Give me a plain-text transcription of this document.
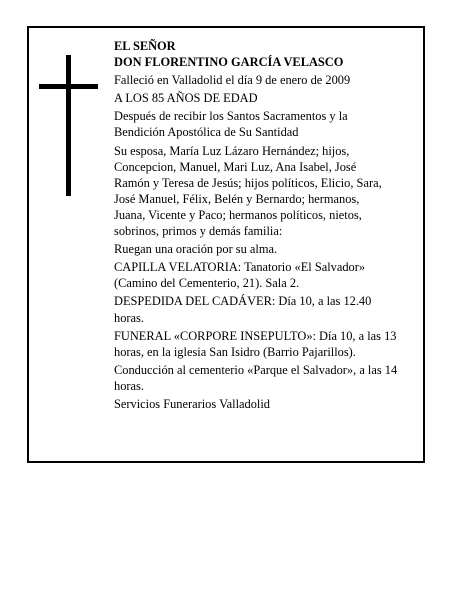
EL SEÑOR
DON FLORENTINO GARCÍA VELASCO
Falleció en Valladolid el día 9 de enero de 2009
A LOS 85 AÑOS DE EDAD
Después de recibir los Santos Sacramentos y la
Bendición Apostólica de Su Santidad
Su esposa, María Luz Lázaro Hernández; hijos,
Concepcion, Manuel, Mari Luz, Ana Isabel, José
Ramón y Teresa de Jesús; hijos políticos, Elicio, Sara,
José Manuel, Félix, Belén y Bernardo; hermanos,
Juana, Vicente y Paco; hermanos políticos, nietos,
sobrinos, primos y demás familia:
Ruegan una oración por su alma.
CAPILLA VELATORIA: Tanatorio «El Salvador»
(Camino del Cementerio, 21). Sala 2.
DESPEDIDA DEL CADÁVER: Día 10, a las 12.40
horas.
FUNERAL «CORPORE INSEPULTO»: Día 10, a las 13
horas, en la iglesia San Isidro (Barrio Pajarillos).
Conducción al cementerio «Parque el Salvador», a las 14
horas.
Servicios Funerarios Valladolid
